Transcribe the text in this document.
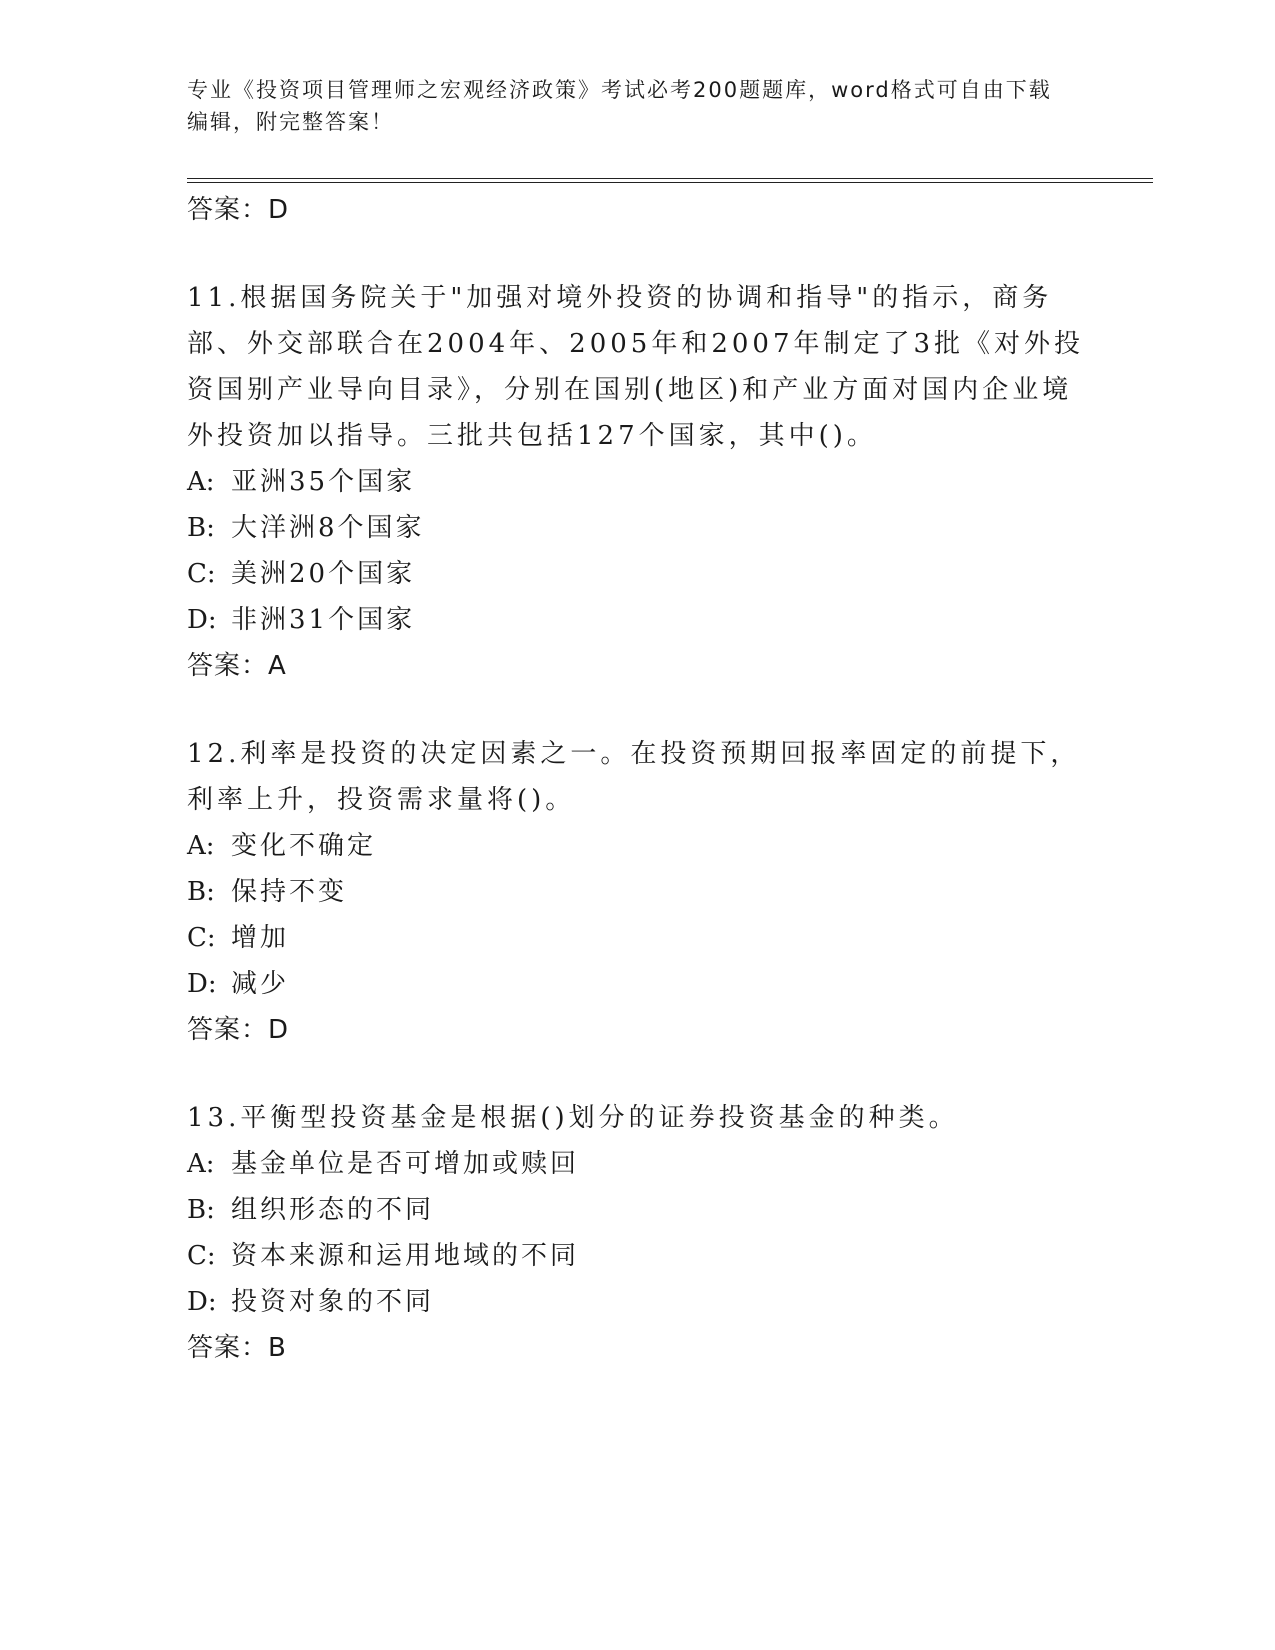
专业《投资项目管理师之宏观经济政策》考试必考200题题库，word格式可自由下载编辑，附完整答案！
答案：D
11.根据国务院关于"加强对境外投资的协调和指导"的指示，商务部、外交部联合在2004年、2005年和2007年制定了3批《对外投资国别产业导向目录》，分别在国别(地区)和产业方面对国内企业境外投资加以指导。三批共包括127个国家，其中()。
A: 亚洲35个国家
B: 大洋洲8个国家
C: 美洲20个国家
D: 非洲31个国家
答案：A
12.利率是投资的决定因素之一。在投资预期回报率固定的前提下，利率上升，投资需求量将()。
A: 变化不确定
B: 保持不变
C: 增加
D: 减少
答案：D
13.平衡型投资基金是根据()划分的证券投资基金的种类。
A: 基金单位是否可增加或赎回
B: 组织形态的不同
C: 资本来源和运用地域的不同
D: 投资对象的不同
答案：B
